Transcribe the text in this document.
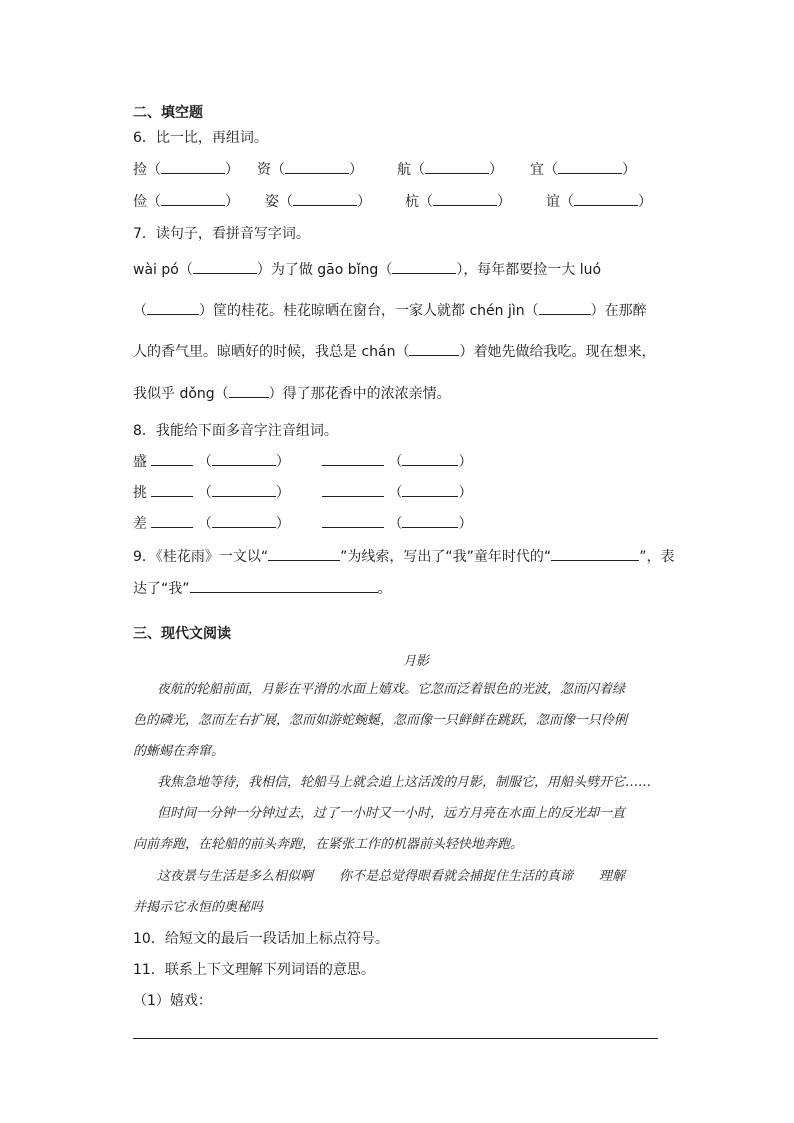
二、填空题
6．比一比，再组词。
捡（	） 资（	） 航（	） 宜（	）
俭（	） 姿（	） 杭（	）	谊（	）
7．读句子，看拼音写字词。
wài pó（	）为了做 gāo bǐng（	），每年都要捡一大 luó
（	）筐的桂花。桂花晾晒在窗台，一家人就都 chén jìn（	）在那醉
人的香气里。晾晒好的时候，我总是 chán（	）着她先做给我吃。现在想来，
我似乎 dǒng（	）得了那花香中的浓浓亲情。
8．我能给下面多音字注音组词。
盛	（	）	（	）
挑	（	）	（	）
差	（	）	（	）
9．《桂花雨》一文以“	”为线索，写出了“我”童年时代的“	”，表
达了“我”	。
三、现代文阅读
月影
夜航的轮船前面，月影在平滑的水面上嬉戏。它忽而泛着银色的光波，忽而闪着绿
色的磷光，忽而左右扩展，忽而如游蛇蜿蜒，忽而像一只鲜鲜在跳跃，忽而像一只伶俐
的蜥蜴在奔窜。
我焦急地等待，我相信，轮船马上就会追上这活泼的月影，制服它，用船头劈开它……
但时间一分钟一分钟过去，过了一小时又一小时，远方月亮在水面上的反光却一直
向前奔跑，在轮船的前头奔跑，在紧张工作的机器前头轻快地奔跑。
这夜景与生活是多么相似啊　　你不是总觉得眼看就会捕捉住生活的真谛　　理解
并揭示它永恒的奥秘吗
10．给短文的最后一段话加上标点符号。
11．联系上下文理解下列词语的意思。
（1）嬉戏：
